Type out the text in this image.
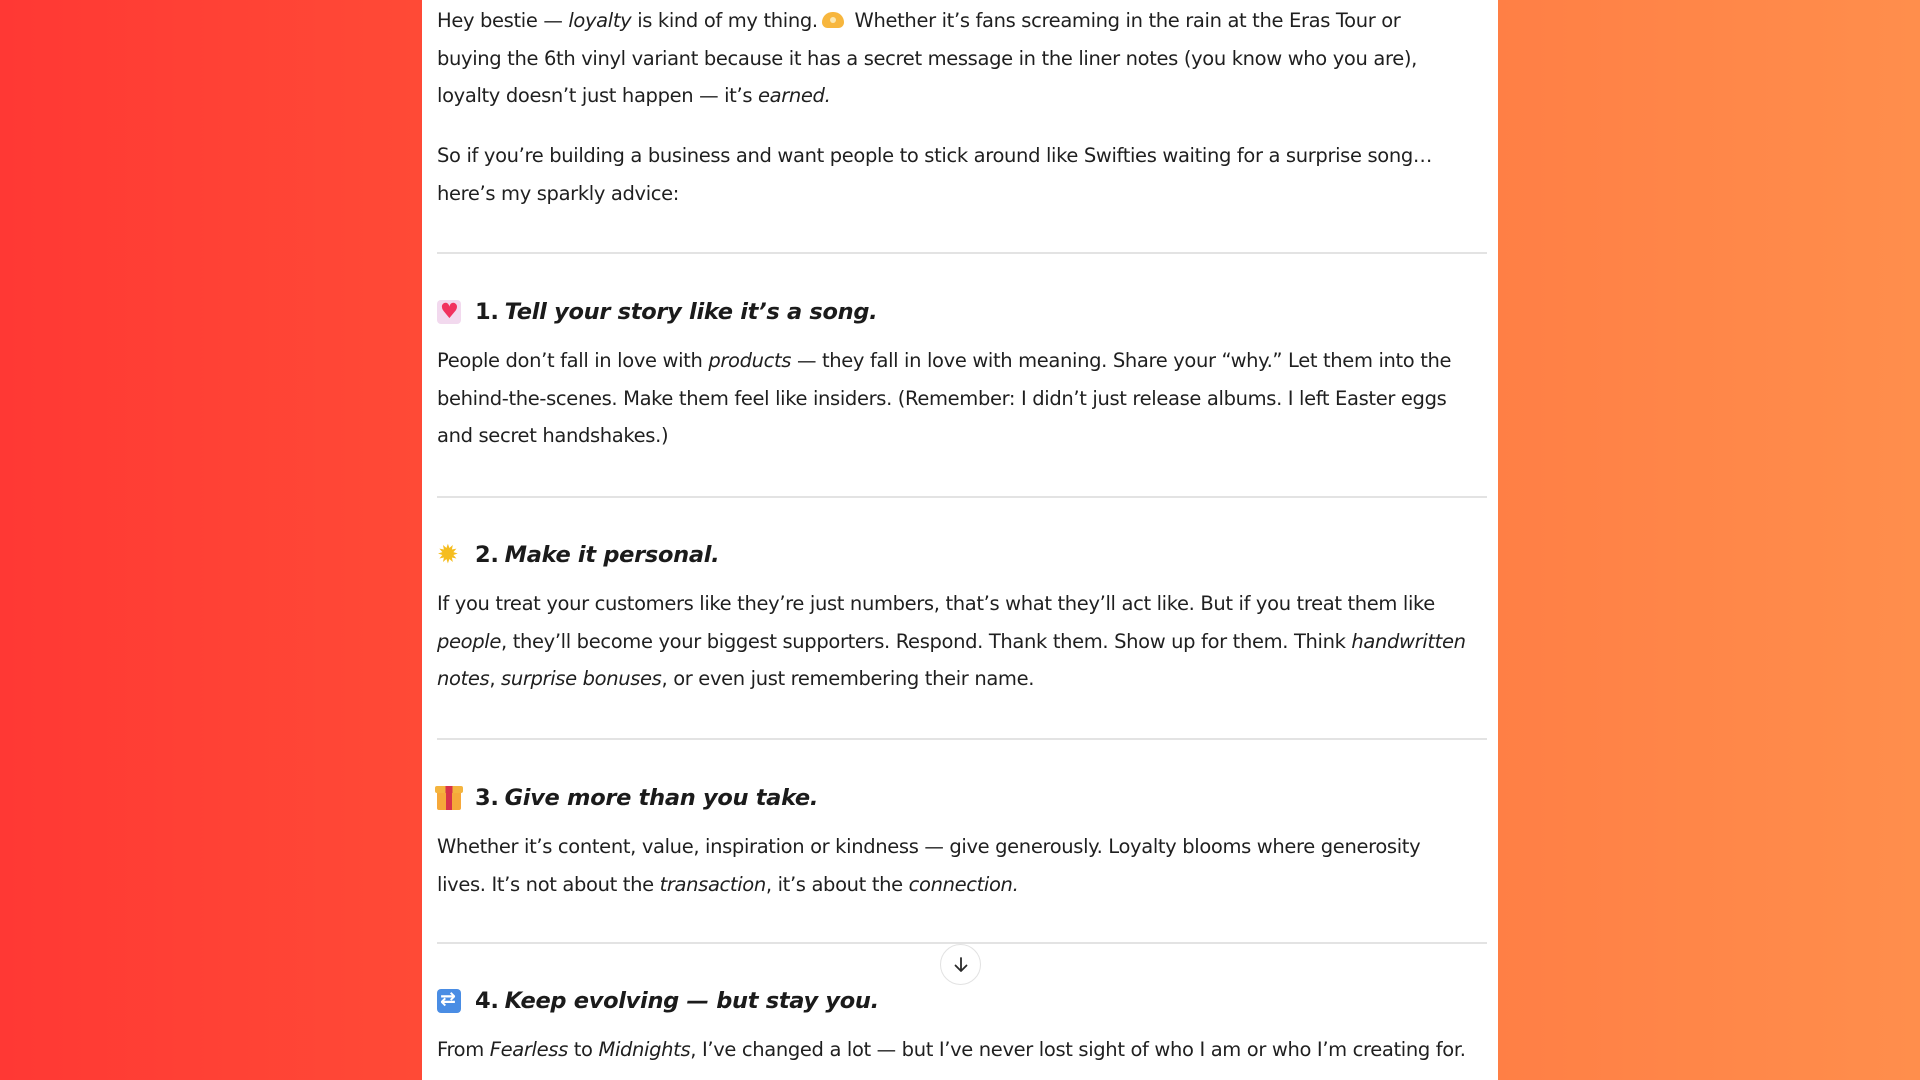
Hey bestie — loyalty is kind of my thing. Whether it’s fans screaming in the rain at the Eras Tour or
buying the 6th vinyl variant because it has a secret message in the liner notes (you know who you are),
loyalty doesn’t just happen — it’s earned.
So if you’re building a business and want people to stick around like Swifties waiting for a surprise song…
here’s my sparkly advice:
♥
1. Tell your story like it’s a song.
People don’t fall in love with products — they fall in love with meaning. Share your “why.” Let them into the
behind-the-scenes. Make them feel like insiders. (Remember: I didn’t just release albums. I left Easter eggs
and secret handshakes.)
✹
2. Make it personal.
If you treat your customers like they’re just numbers, that’s what they’ll act like. But if you treat them like
people, they’ll become your biggest supporters. Respond. Thank them. Show up for them. Think handwritten
notes, surprise bonuses, or even just remembering their name.
3. Give more than you take.
Whether it’s content, value, inspiration or kindness — give generously. Loyalty blooms where generosity
lives. It’s not about the transaction, it’s about the connection.
⇄
4. Keep evolving — but stay you.
From Fearless to Midnights, I’ve changed a lot — but I’ve never lost sight of who I am or who I’m creating for.
